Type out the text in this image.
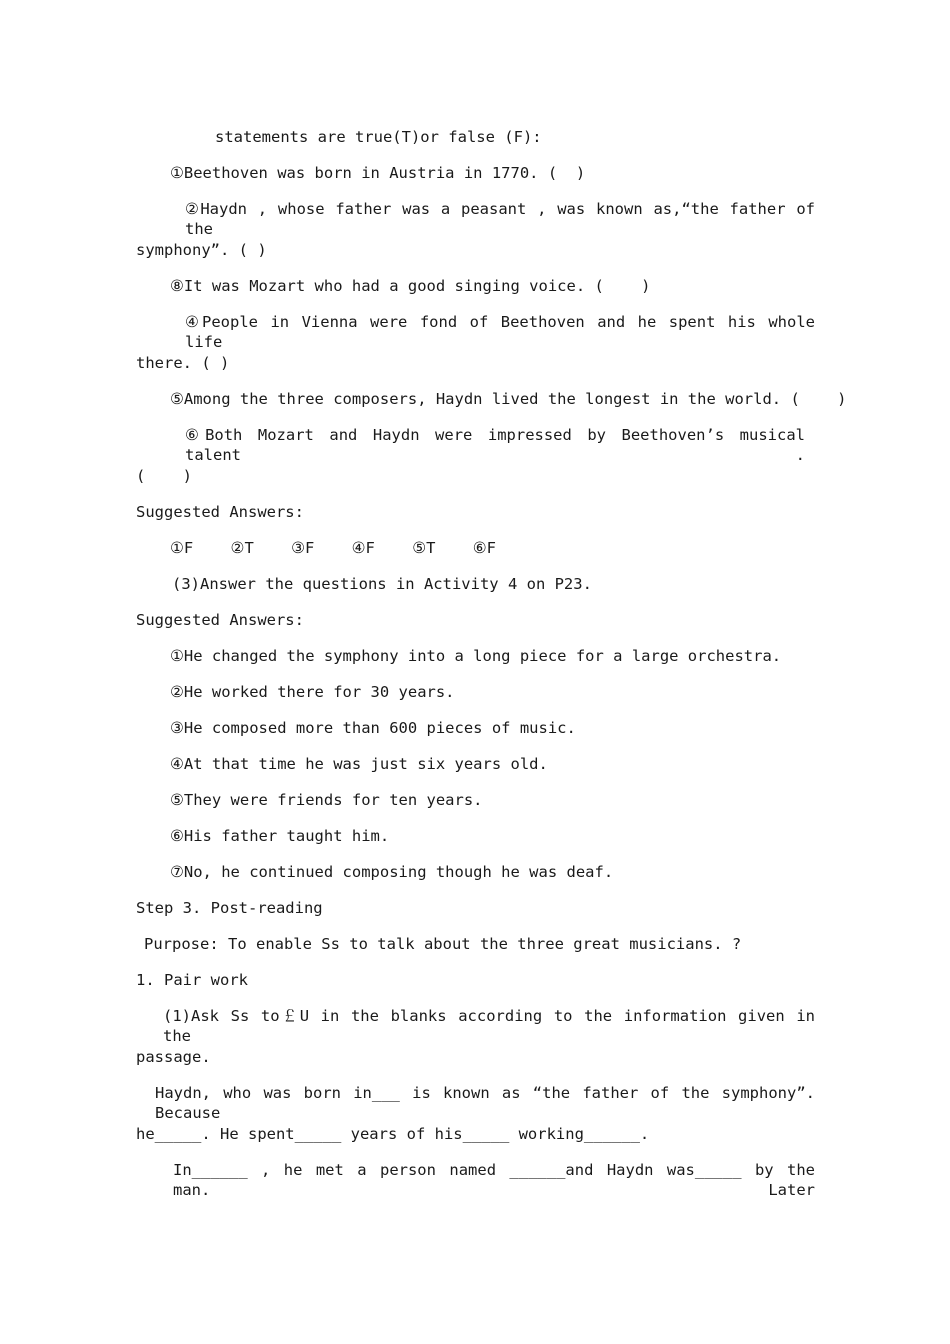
statements are true(T)or false (F):
①Beethoven was born in Austria in 1770. (  )
②Haydn , whose father was a peasant , was known as,“the father of the
symphony”. ( )
⑧It was Mozart who had a good singing voice. (    )
④People in Vienna were fond of Beethoven and he spent his whole life
there. ( )
⑤Among the three composers, Haydn lived the longest in the world. (    )
⑥Both Mozart and Haydn were impressed by Beethoven’s musical talent .
(    )
Suggested Answers:
①F    ②T    ③F    ④F    ⑤T    ⑥F
(3)Answer the questions in Activity 4 on P23.
Suggested Answers:
①He changed the symphony into a long piece for a large orchestra.
②He worked there for 30 years.
③He composed more than 600 pieces of music.
④At that time he was just six years old.
⑤They were friends for ten years.
⑥His father taught him.
⑦No, he continued composing though he was deaf.
Step 3. Post-reading
Purpose: To enable Ss to talk about the three great musicians. ?
1. Pair work
(1)Ask Ss to￡U in the blanks according to the information given in the
passage.
Haydn, who was born in___ is known as “the father of the symphony”. Because
he_____. He spent_____ years of his_____ working______.
In______ , he met a person named ______and Haydn was_____ by the man. Later
